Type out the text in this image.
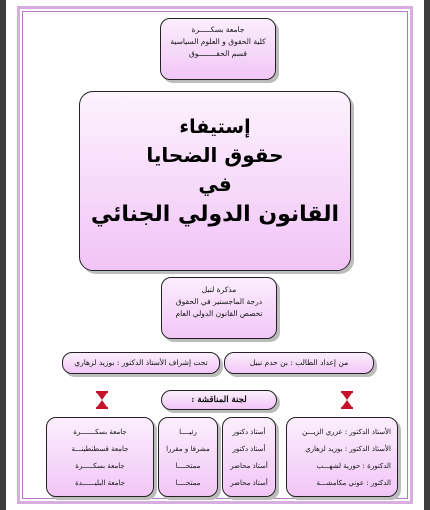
جامعة بسكـــــرة
كلية الحقوق و العلوم السياسية
قسم الحقــــــــوق
إستيفاء
حقوق الضحايا
في
القانون الدولي الجنائي
مذكرة لنيل
درجة الماجستير في الحقوق
تخصص القانون الدولي العام
من إعداد الطالب : بن حدم نبيل
تحت إشراف الأستاذ الدكتور : بوزيد لزهاري
لجنة المناقشة :
الأستاذ الدكتور : عزري الزيـــن
الأستاذ الدكتور : بوزيد لزهاري
الدكتورة : حورية لشهـــب
الدكتور : عوني مكامشـــة
أستاذ دكتور
أستاذ دكتور
أستاذ محاضر
أستاذ محاضر
رئيــــا
مشرفا و مقررا
ممتحــــا
ممتحــــا
جامعة بسكـــــــرة
جامعة قسطنطينـــة
جامعة بسكـــــرة
جامعة البليــــــدة
